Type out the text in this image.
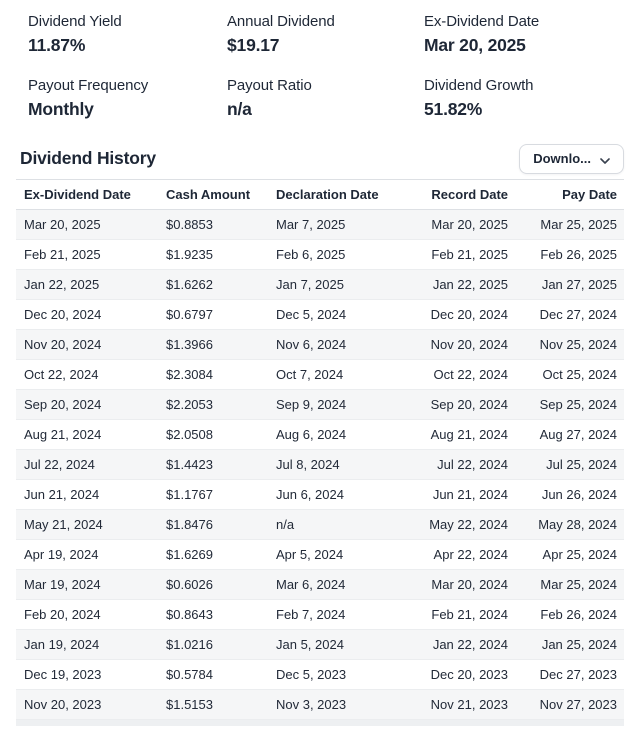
Dividend Yield
11.87%
Annual Dividend
$19.17
Ex-Dividend Date
Mar 20, 2025
Payout Frequency
Monthly
Payout Ratio
n/a
Dividend Growth
51.82%
Dividend History	Downlo...
Ex-Dividend Date	Cash Amount	Declaration Date	Record Date	Pay Date
Mar 20, 2025	$0.8853	Mar 7, 2025	Mar 20, 2025	Mar 25, 2025
Feb 21, 2025	$1.9235	Feb 6, 2025	Feb 21, 2025	Feb 26, 2025
Jan 22, 2025	$1.6262	Jan 7, 2025	Jan 22, 2025	Jan 27, 2025
Dec 20, 2024	$0.6797	Dec 5, 2024	Dec 20, 2024	Dec 27, 2024
Nov 20, 2024	$1.3966	Nov 6, 2024	Nov 20, 2024	Nov 25, 2024
Oct 22, 2024	$2.3084	Oct 7, 2024	Oct 22, 2024	Oct 25, 2024
Sep 20, 2024	$2.2053	Sep 9, 2024	Sep 20, 2024	Sep 25, 2024
Aug 21, 2024	$2.0508	Aug 6, 2024	Aug 21, 2024	Aug 27, 2024
Jul 22, 2024	$1.4423	Jul 8, 2024	Jul 22, 2024	Jul 25, 2024
Jun 21, 2024	$1.1767	Jun 6, 2024	Jun 21, 2024	Jun 26, 2024
May 21, 2024	$1.8476	n/a	May 22, 2024	May 28, 2024
Apr 19, 2024	$1.6269	Apr 5, 2024	Apr 22, 2024	Apr 25, 2024
Mar 19, 2024	$0.6026	Mar 6, 2024	Mar 20, 2024	Mar 25, 2024
Feb 20, 2024	$0.8643	Feb 7, 2024	Feb 21, 2024	Feb 26, 2024
Jan 19, 2024	$1.0216	Jan 5, 2024	Jan 22, 2024	Jan 25, 2024
Dec 19, 2023	$0.5784	Dec 5, 2023	Dec 20, 2023	Dec 27, 2023
Nov 20, 2023	$1.5153	Nov 3, 2023	Nov 21, 2023	Nov 27, 2023
